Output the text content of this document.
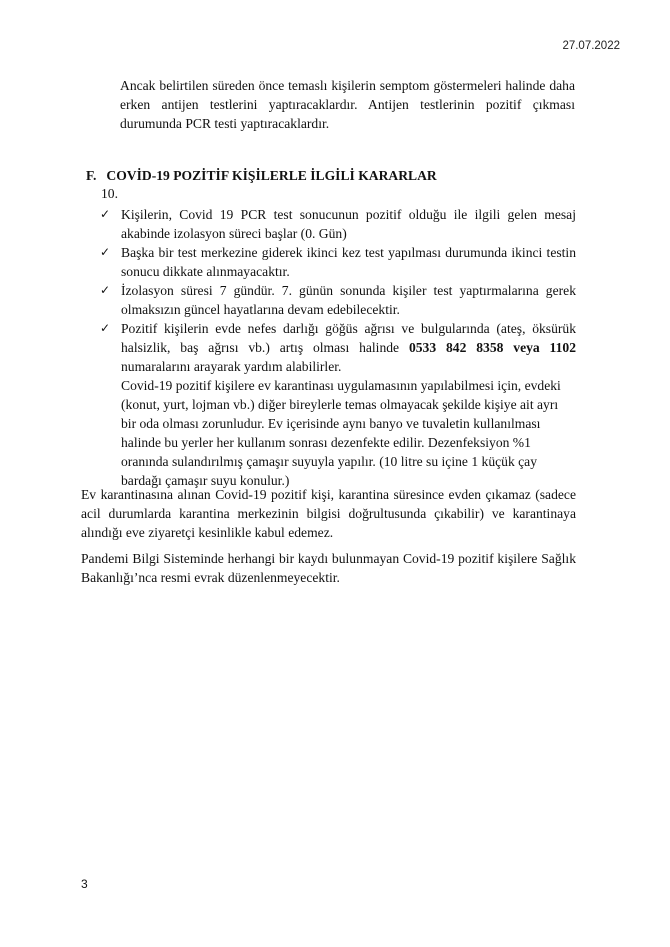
27.07.2022
Ancak belirtilen süreden önce temaslı kişilerin semptom göstermeleri halinde daha erken antijen testlerini yaptıracaklardır. Antijen testlerinin pozitif çıkması durumunda PCR testi yaptıracaklardır.
F. COVİD-19 POZİTİF KİŞİLERLE İLGİLİ KARARLAR
10.
✓ Kişilerin, Covid 19 PCR test sonucunun pozitif olduğu ile ilgili gelen mesaj akabinde izolasyon süreci başlar (0. Gün)
✓ Başka bir test merkezine giderek ikinci kez test yapılması durumunda ikinci testin sonucu dikkate alınmayacaktır.
✓ İzolasyon süresi 7 gündür. 7. günün sonunda kişiler test yaptırmalarına gerek olmaksızın güncel hayatlarına devam edebilecektir.
✓ Pozitif kişilerin evde nefes darlığı göğüs ağrısı ve bulgularında (ateş, öksürük halsizlik, baş ağrısı vb.) artış olması halinde 0533 842 8358 veya 1102 numaralarını arayarak yardım alabilirler.
Covid-19 pozitif kişilere ev karantinası uygulamasının yapılabilmesi için, evdeki (konut, yurt, lojman vb.) diğer bireylerle temas olmayacak şekilde kişiye ait ayrı bir oda olması zorunludur. Ev içerisinde aynı banyo ve tuvaletin kullanılması halinde bu yerler her kullanım sonrası dezenfekte edilir. Dezenfeksiyon %1 oranında sulandırılmış çamaşır suyuyla yapılır. (10 litre su içine 1 küçük çay bardağı çamaşır suyu konulur.)
Ev karantinasına alınan Covid-19 pozitif kişi, karantina süresince evden çıkamaz (sadece acil durumlarda karantina merkezinin bilgisi doğrultusunda çıkabilir) ve karantinaya alındığı eve ziyaretçi kesinlikle kabul edemez.
Pandemi Bilgi Sisteminde herhangi bir kaydı bulunmayan Covid-19 pozitif kişilere Sağlık Bakanlığı’nca resmi evrak düzenlenmeyecektir.
3
